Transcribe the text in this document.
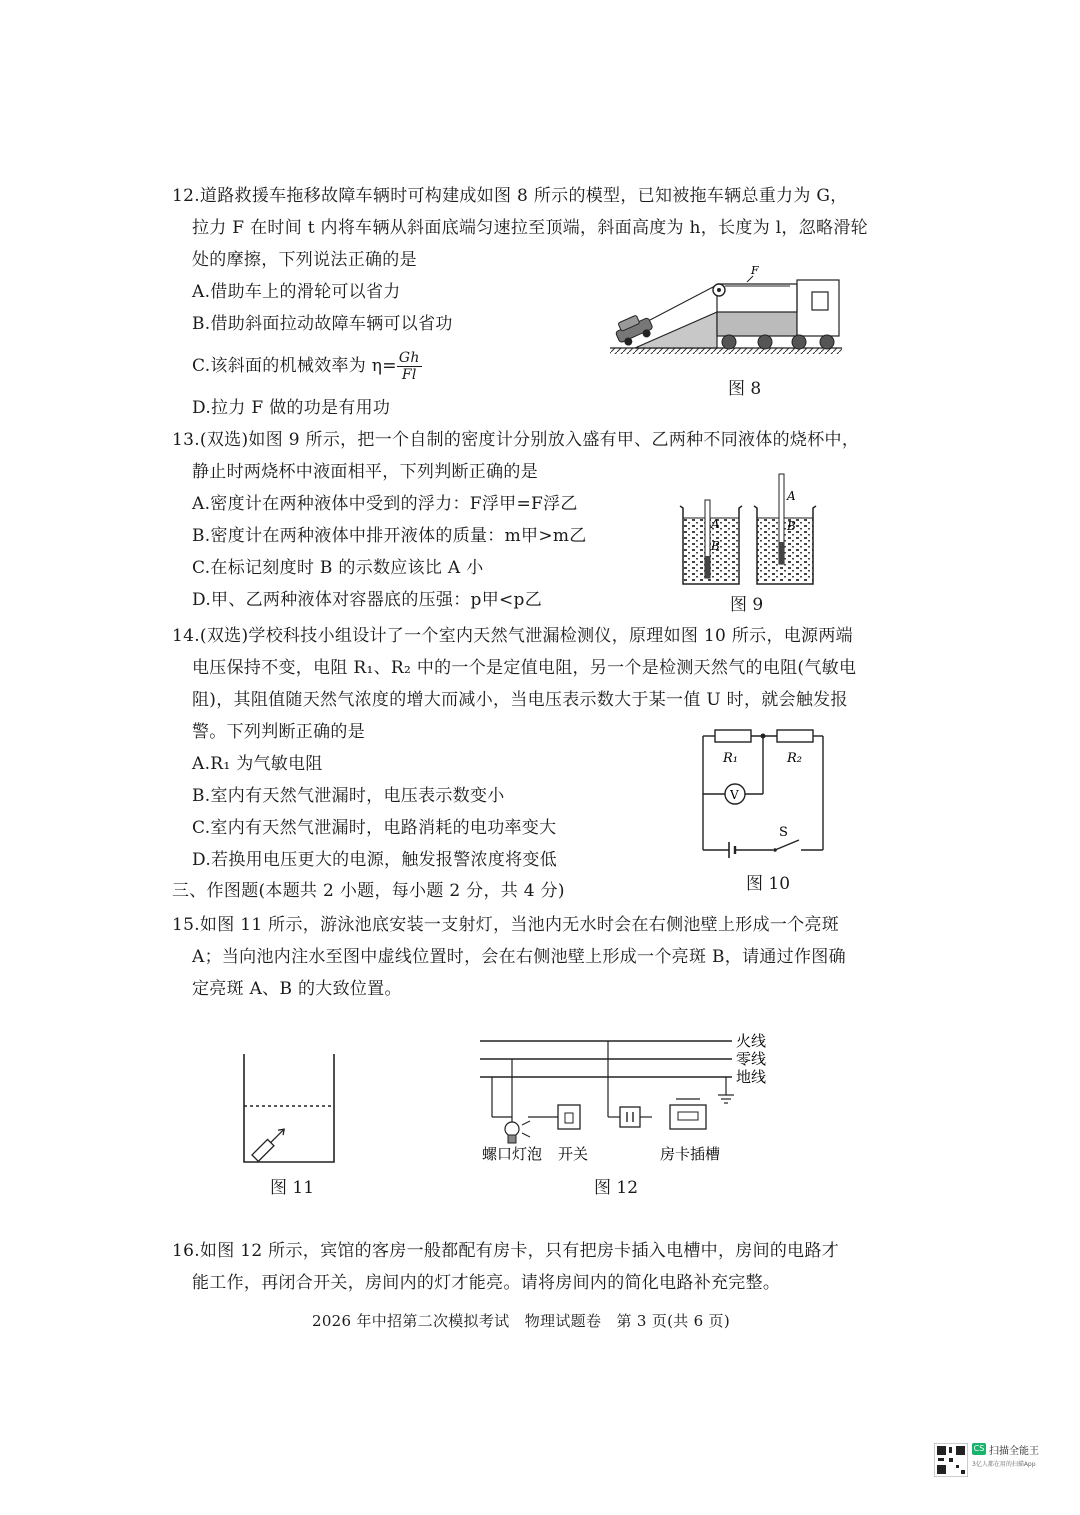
12.道路救援车拖移故障车辆时可构建成如图 8 所示的模型，已知被拖车辆总重力为 G，
拉力 F 在时间 t 内将车辆从斜面底端匀速拉至顶端，斜面高度为 h，长度为 l，忽略滑轮
处的摩擦，下列说法正确的是
A.借助车上的滑轮可以省力
B.借助斜面拉动故障车辆可以省功
C.该斜面的机械效率为 $\eta= \frac{Gh}{Fl}$
D.拉力 F 做的功是有用功
F
图 8
13.(双选)如图 9 所示，把一个自制的密度计分别放入盛有甲、乙两种不同液体的烧杯中，
静止时两烧杯中液面相平，下列判断正确的是
A.密度计在两种液体中受到的浮力：F浮甲=F浮乙
B.密度计在两种液体中排开液体的质量：m甲>m乙
C.在标记刻度时 B 的示数应该比 A 小
D.甲、乙两种液体对容器底的压强：p甲<p乙
A
B
A
B
图 9
14.(双选)学校科技小组设计了一个室内天然气泄漏检测仪，原理如图 10 所示，电源两端
电压保持不变，电阻 R₁、R₂ 中的一个是定值电阻，另一个是检测天然气的电阻(气敏电
阻)，其阻值随天然气浓度的增大而减小，当电压表示数大于某一值 U 时，就会触发报
警。下列判断正确的是
A.R₁ 为气敏电阻
B.室内有天然气泄漏时，电压表示数变小
C.室内有天然气泄漏时，电路消耗的电功率变大
D.若换用电压更大的电源，触发报警浓度将变低
R₁	R₂
V
S
图 10
三、作图题(本题共 2 小题，每小题 2 分，共 4 分)
15.如图 11 所示，游泳池底安装一支射灯，当池内无水时会在右侧池壁上形成一个亮斑
A；当向池内注水至图中虚线位置时，会在右侧池壁上形成一个亮斑 B，请通过作图确
定亮斑 A、B 的大致位置。
图 11
火线
零线
地线
螺口灯泡 开关	房卡插槽
图 12
16.如图 12 所示，宾馆的客房一般都配有房卡，只有把房卡插入电槽中，房间的电路才
能工作，再闭合开关，房间内的灯才能亮。请将房间内的简化电路补充完整。
2026 年中招第二次模拟考试　物理试题卷　第 3 页(共 6 页)
CS 扫描全能王
3亿人都在用的扫描App
